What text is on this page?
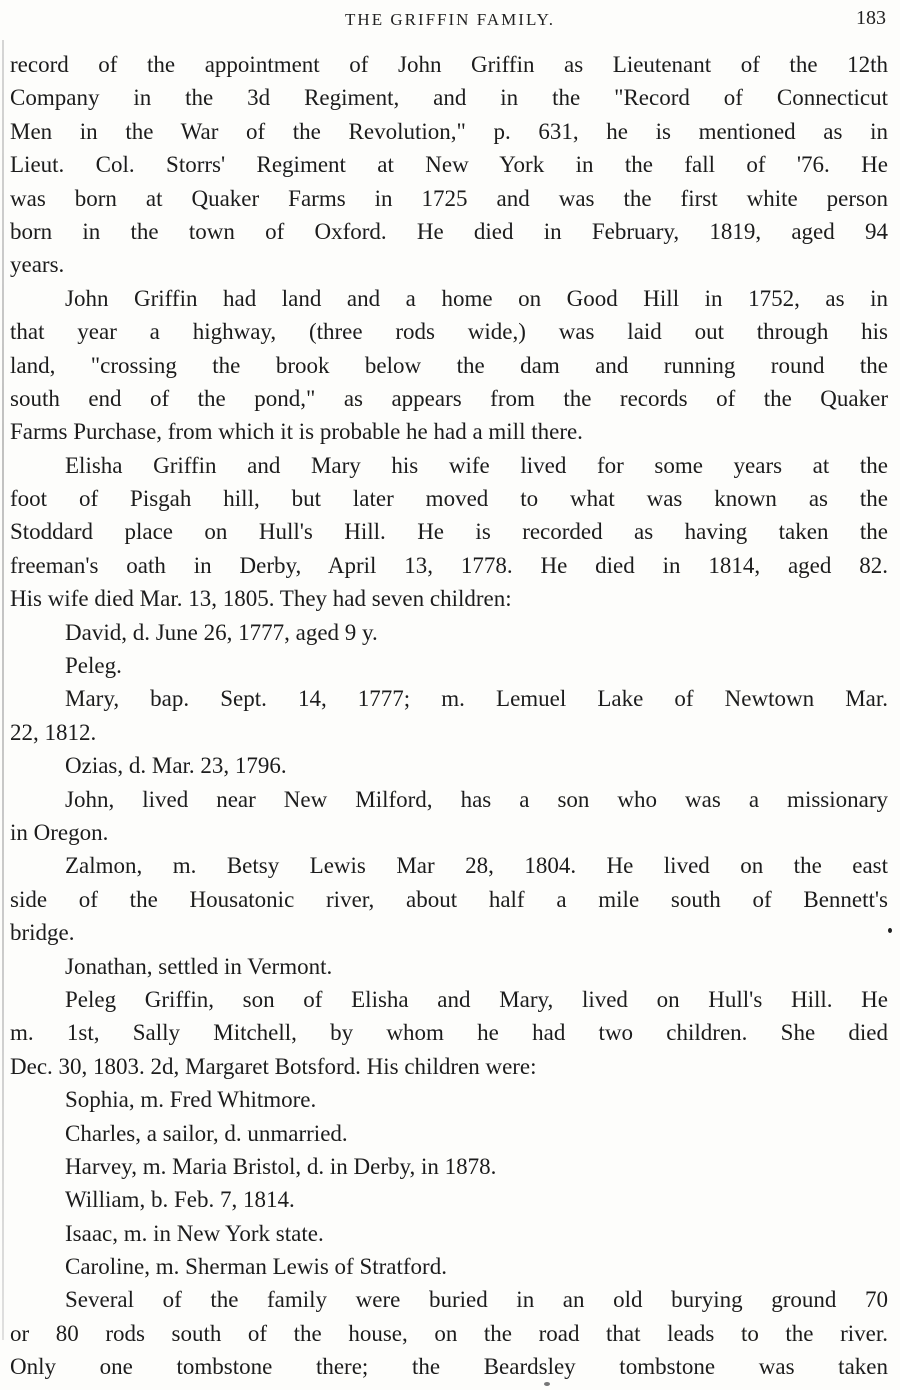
THE GRIFFIN FAMILY.	183
record of the appointment of John Griffin as Lieutenant of the 12th
Company in the 3d Regiment, and in the "Record of Connecticut
Men in the War of the Revolution," p. 631, he is mentioned as in
Lieut. Col. Storrs' Regiment at New York in the fall of '76. He
was born at Quaker Farms in 1725 and was the first white person
born in the town of Oxford. He died in February, 1819, aged 94
years.
John Griffin had land and a home on Good Hill in 1752, as in
that year a highway, (three rods wide,) was laid out through his
land, "crossing the brook below the dam and running round the
south end of the pond," as appears from the records of the Quaker
Farms Purchase, from which it is probable he had a mill there.
Elisha Griffin and Mary his wife lived for some years at the
foot of Pisgah hill, but later moved to what was known as the
Stoddard place on Hull's Hill. He is recorded as having taken the
freeman's oath in Derby, April 13, 1778. He died in 1814, aged 82.
His wife died Mar. 13, 1805. They had seven children:
David, d. June 26, 1777, aged 9 y.
Peleg.
Mary, bap. Sept. 14, 1777; m. Lemuel Lake of Newtown Mar.
22, 1812.
Ozias, d. Mar. 23, 1796.
John, lived near New Milford, has a son who was a missionary
in Oregon.
Zalmon, m. Betsy Lewis Mar 28, 1804. He lived on the east
side of the Housatonic river, about half a mile south of Bennett's
bridge.
Jonathan, settled in Vermont.
Peleg Griffin, son of Elisha and Mary, lived on Hull's Hill. He
m. 1st, Sally Mitchell, by whom he had two children. She died
Dec. 30, 1803. 2d, Margaret Botsford. His children were:
Sophia, m. Fred Whitmore.
Charles, a sailor, d. unmarried.
Harvey, m. Maria Bristol, d. in Derby, in 1878.
William, b. Feb. 7, 1814.
Isaac, m. in New York state.
Caroline, m. Sherman Lewis of Stratford.
Several of the family were buried in an old burying ground 70
or 80 rods south of the house, on the road that leads to the river.
Only one tombstone there; the Beardsley tombstone was taken
